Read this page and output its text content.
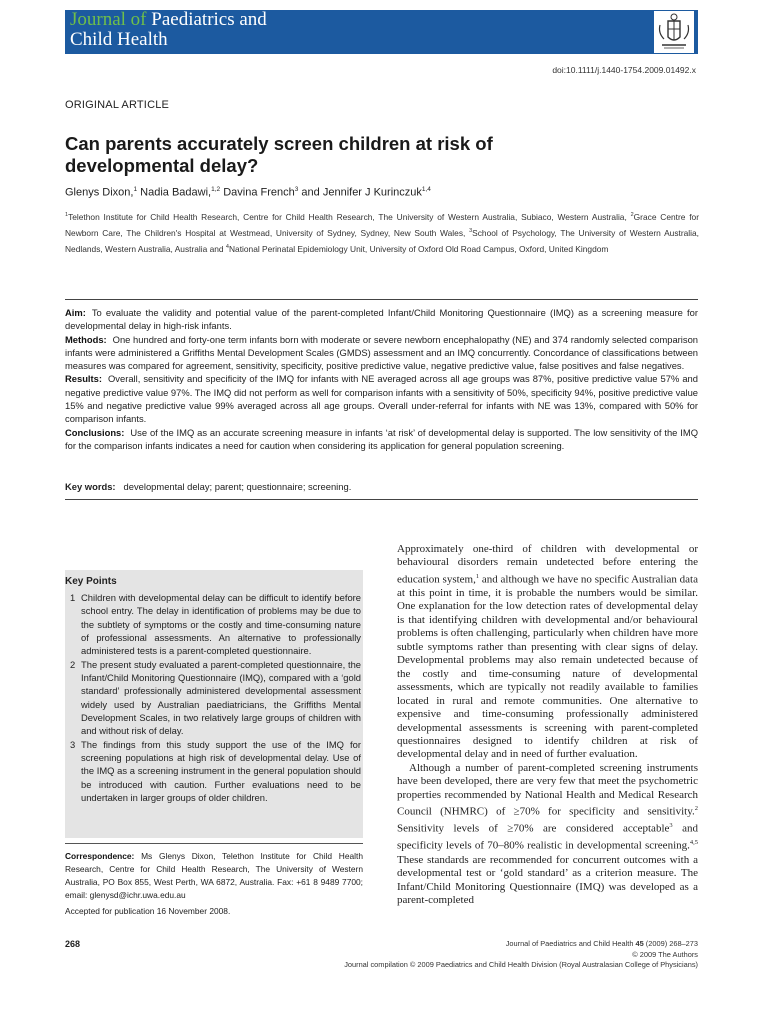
Journal of Paediatrics and
Child Health
doi:10.1111/j.1440-1754.2009.01492.x
ORIGINAL ARTICLE
Can parents accurately screen children at risk of developmental delay?
Glenys Dixon,$^1$ Nadia Badawi,$^{1,2}$ Davina French$^3$ and Jennifer J Kurinczuk$^{1,4}$
$^1$Telethon Institute for Child Health Research, Centre for Child Health Research, The University of Western Australia, Subiaco, Western Australia, $^2$Grace Centre for Newborn Care, The Children's Hospital at Westmead, University of Sydney, Sydney, New South Wales, $^3$School of Psychology, The University of Western Australia, Nedlands, Western Australia, Australia and $^4$National Perinatal Epidemiology Unit, University of Oxford Old Road Campus, Oxford, United Kingdom

Aim: To evaluate the validity and potential value of the parent-completed Infant/Child Monitoring Questionnaire (IMQ) as a screening measure for developmental delay in high-risk infants.

Methods: One hundred and forty-one term infants born with moderate or severe newborn encephalopathy (NE) and 374 randomly selected comparison infants were administered a Griffiths Mental Development Scales (GMDS) assessment and an IMQ concurrently. Concordance of classifications between measures was compared for agreement, sensitivity, specificity, positive predictive value, negative predictive value, false positives and false negatives.

Results: Overall, sensitivity and specificity of the IMQ for infants with NE averaged across all age groups was 87%, positive predictive value 57% and negative predictive value 97%. The IMQ did not perform as well for comparison infants with a sensitivity of 50%, specificity 94%, positive predictive value 15% and negative predictive value 99% averaged across all age groups. Overall under-referral for infants with NE was 13%, compared with 50% for comparison infants.

Conclusions: Use of the IMQ as an accurate screening measure in infants ‘at risk’ of developmental delay is supported. The low sensitivity of the IMQ for the comparison infants indicates a need for caution when considering its application for general population screening.

Key words: developmental delay; parent; questionnaire; screening.
Key Points
1 Children with developmental delay can be difficult to identify before school entry. The delay in identification of problems may be due to the subtlety of symptoms or the costly and time-consuming nature of professional assessments. An alternative to professionally administered tests is a parent-completed questionnaire.
2 The present study evaluated a parent-completed questionnaire, the Infant/Child Monitoring Questionnaire (IMQ), compared with a ‘gold standard’ professionally administered developmental assessment widely used by Australian paediatricians, the Griffiths Mental Development Scales, in two relatively large groups of children with and without risk of delay.
3 The findings from this study support the use of the IMQ for screening populations at high risk of developmental delay. Use of the IMQ as a screening instrument in the general population should be introduced with caution. Further evaluations need to be undertaken in larger groups of older children.
Correspondence: Ms Glenys Dixon, Telethon Institute for Child Health Research, Centre for Child Health Research, The University of Western Australia, PO Box 855, West Perth, WA 6872, Australia. Fax: +61 8 9489 7700; email: glenysd@ichr.uwa.edu.au
Accepted for publication 16 November 2008.

Approximately one-third of children with developmental or behavioural disorders remain undetected before entering the education system,$^1$ and although we have no specific Australian data at this point in time, it is probable the numbers would be similar. One explanation for the low detection rates of developmental delay is that identifying children with developmental and/or behavioural problems is often challenging, particularly when children have more subtle symptoms rather than presenting with clear signs of delay. Developmental problems may also remain undetected because of the costly and time-consuming nature of developmental assessments, which are typically not readily available to families located in rural and remote communities. One alternative to expensive and time-consuming professionally administered developmental assessments is screening with parent-completed questionnaires designed to identify children at risk of developmental delay and in need of further evaluation.

Although a number of parent-completed screening instruments have been developed, there are very few that meet the psychometric properties recommended by National Health and Medical Research Council (NHMRC) of ≥70% for specificity and sensitivity.$^2$ Sensitivity levels of ≥70% are considered acceptable$^3$ and specificity levels of 70–80% realistic in developmental screening.$^{4,5}$ These standards are recommended for concurrent outcomes with a developmental test or ‘gold standard’ as a criterion measure. The Infant/Child Monitoring Questionnaire (IMQ) was developed as a parent-completed

268	Journal of Paediatrics and Child Health 45 (2009) 268–273
© 2009 The Authors
Journal compilation © 2009 Paediatrics and Child Health Division (Royal Australasian College of Physicians)
